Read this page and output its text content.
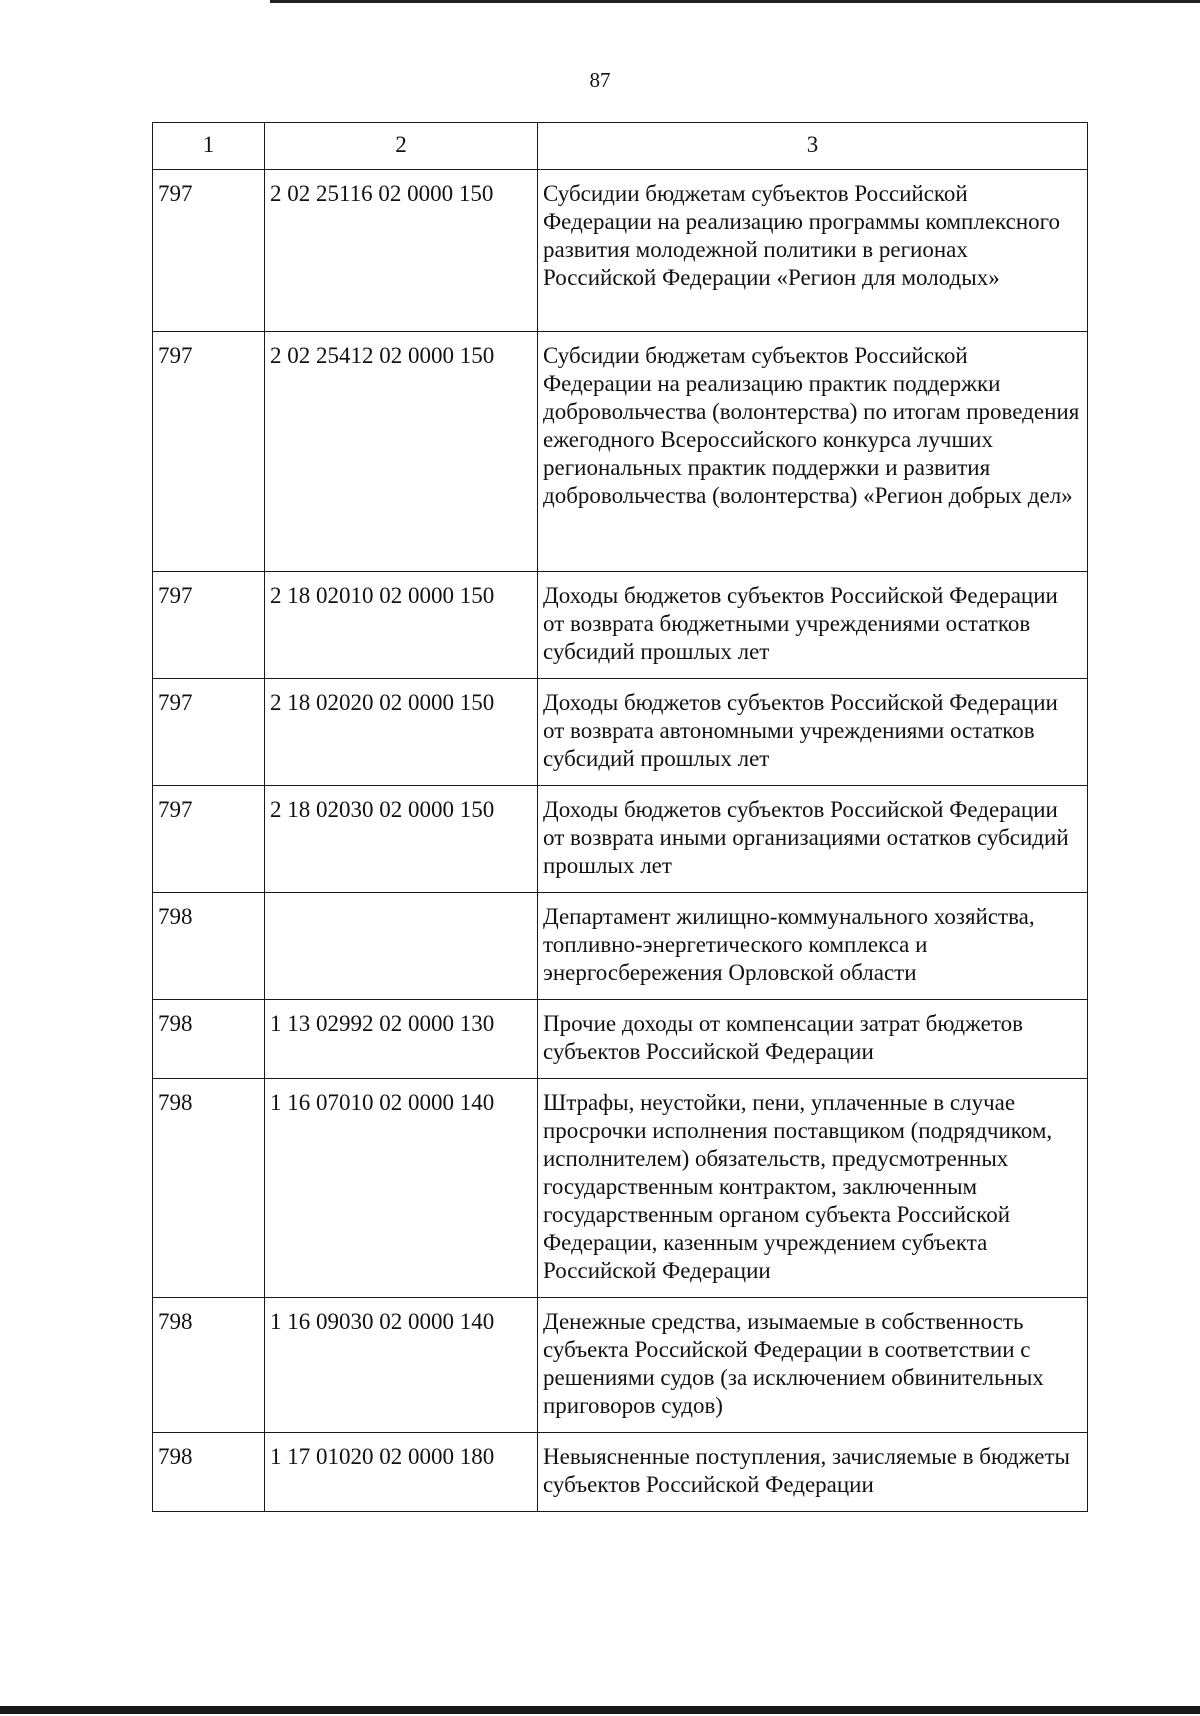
87
1	2	3
797	2 02 25116 02 0000 150	Субсидии бюджетам субъектов Российской Федерации на реализацию программы комплексного развития молодежной политики в регионах Российской Федерации «Регион для молодых»
797	2 02 25412 02 0000 150	Субсидии бюджетам субъектов Российской Федерации на реализацию практик поддержки добровольчества (волонтерства) по итогам проведения ежегодного Всероссийского конкурса лучших региональных практик поддержки и развития добровольчества (волонтерства) «Регион добрых дел»
797	2 18 02010 02 0000 150	Доходы бюджетов субъектов Российской Федерации от возврата бюджетными учреждениями остатков субсидий прошлых лет
797	2 18 02020 02 0000 150	Доходы бюджетов субъектов Российской Федерации от возврата автономными учреждениями остатков субсидий прошлых лет
797	2 18 02030 02 0000 150	Доходы бюджетов субъектов Российской Федерации от возврата иными организациями остатков субсидий прошлых лет
798		Департамент жилищно-коммунального хозяйства, топливно-энергетического комплекса и энергосбережения Орловской области
798	1 13 02992 02 0000 130	Прочие доходы от компенсации затрат бюджетов субъектов Российской Федерации
798	1 16 07010 02 0000 140	Штрафы, неустойки, пени, уплаченные в случае просрочки исполнения поставщиком (подрядчиком, исполнителем) обязательств, предусмотренных государственным контрактом, заключенным государственным органом субъекта Российской Федерации, казенным учреждением субъекта Российской Федерации
798	1 16 09030 02 0000 140	Денежные средства, изымаемые в собственность субъекта Российской Федерации в соответствии с решениями судов (за исключением обвинительных приговоров судов)
798	1 17 01020 02 0000 180	Невыясненные поступления, зачисляемые в бюджеты субъектов Российской Федерации
